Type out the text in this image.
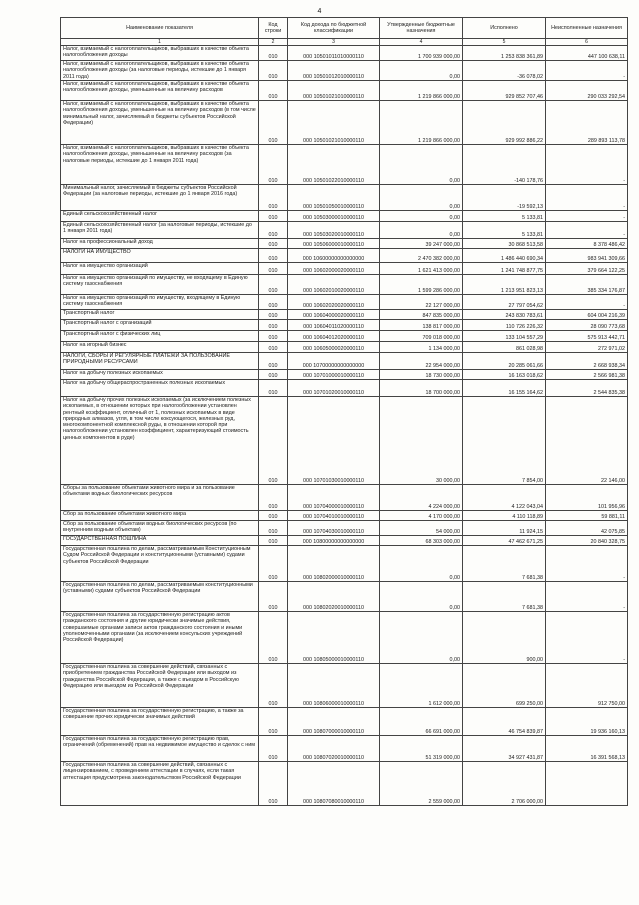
4
Наименование показателя	Код строки	Код дохода по бюджетной классификации	Утвержденные бюджетные назначения	Исполнено	Неисполненные назначения
1	2	3	4	5	6
Налог, взимаемый с налогоплательщиков, выбравших в качестве объекта налогообложения доходы	010	000 10501011010000110	1 700 939 000,00	1 253 838 361,89	447 100 638,11
Налог, взимаемый с налогоплательщиков, выбравших в качестве объекта налогообложения доходы (за налоговые периоды, истекшие до 1 января 2011 года)	010	000 10501012010000110	0,00	-36 078,02	-
Налог, взимаемый с налогоплательщиков, выбравших в качестве объекта налогообложения доходы, уменьшенные на величину расходов	010	000 10501021010000110	1 219 866 000,00	929 852 707,46	290 033 292,54
Налог, взимаемый с налогоплательщиков, выбравших в качестве объекта налогообложения доходы, уменьшенные на величину расходов (в том числе минимальный налог, зачисляемый в бюджеты субъектов Российской Федерации)	010	000 10501021010000110	1 219 866 000,00	929 992 886,22	289 893 113,78
Налог, взимаемый с налогоплательщиков, выбравших в качестве объекта налогообложения доходы, уменьшенные на величину расходов (за налоговые периоды, истекшие до 1 января 2011 года)	010	000 10501022010000110	0,00	-140 178,76	-
Минимальный налог, зачисляемый в бюджеты субъектов Российской Федерации (за налоговые периоды, истекшие до 1 января 2016 года)	010	000 10501050010000110	0,00	-19 592,13	-
Единый сельскохозяйственный налог	010	000 10503000010000110	0,00	5 133,81	-
Единый сельскохозяйственный налог (за налоговые периоды, истекшие до 1 января 2011 года)	010	000 10503020010000110	0,00	5 133,81	-
Налог на профессиональный доход	010	000 10506000010000110	39 247 000,00	30 868 513,58	8 378 486,42
НАЛОГИ НА ИМУЩЕСТВО	010	000 10600000000000000	2 470 382 000,00	1 486 440 690,34	983 941 309,66
Налог на имущество организаций	010	000 10602000020000110	1 621 413 000,00	1 241 748 877,75	379 664 122,25
Налог на имущество организаций по имуществу, не входящему в Единую систему газоснабжения	010	000 10602010020000110	1 599 286 000,00	1 213 951 823,13	385 334 176,87
Налог на имущество организаций по имуществу, входящему в Единую систему газоснабжения	010	000 10602020020000110	22 127 000,00	27 797 054,62	-
Транспортный налог	010	000 10604000020000110	847 835 000,00	243 830 783,61	604 004 216,39
Транспортный налог с организаций	010	000 10604011020000110	138 817 000,00	110 726 226,32	28 090 773,68
Транспортный налог с физических лиц	010	000 10604012020000110	709 018 000,00	133 104 557,29	575 913 442,71
Налог на игорный бизнес	010	000 10605000020000110	1 134 000,00	861 028,98	272 971,02
НАЛОГИ, СБОРЫ И РЕГУЛЯРНЫЕ ПЛАТЕЖИ ЗА ПОЛЬЗОВАНИЕ ПРИРОДНЫМИ РЕСУРСАМИ	010	000 10700000000000000	22 954 000,00	20 285 061,66	2 668 938,34
Налог на добычу полезных ископаемых	010	000 10701000010000110	18 730 000,00	16 163 018,62	2 566 981,38
Налог на добычу общераспространенных полезных ископаемых	010	000 10701020010000110	18 700 000,00	16 155 164,62	2 544 835,38
Налог на добычу прочих полезных ископаемых (за исключением полезных ископаемых, в отношении которых при налогообложении установлен рентный коэффициент, отличный от 1, полезных ископаемых в виде природных алмазов, угля, в том числе коксующегося, железных руд, многокомпонентной комплексной руды, в отношении которой при налогообложении установлен коэффициент, характеризующий стоимость ценных компонентов в руде)	010	000 10701030010000110	30 000,00	7 854,00	22 146,00
Сборы за пользование объектами животного мира и за пользование объектами водных биологических ресурсов	010	000 10704000010000110	4 224 000,00	4 122 043,04	101 956,96
Сбор за пользование объектами животного мира	010	000 10704010010000110	4 170 000,00	4 110 118,89	59 881,11
Сбор за пользование объектами водных биологических ресурсов (по внутренним водным объектам)	010	000 10704030010000110	54 000,00	11 924,15	42 075,85
ГОСУДАРСТВЕННАЯ ПОШЛИНА	010	000 10800000000000000	68 303 000,00	47 462 671,25	20 840 328,75
Государственная пошлина по делам, рассматриваемым Конституционным Судом Российской Федерации и конституционными (уставными) судами субъектов Российской Федерации	010	000 10802000010000110	0,00	7 681,38	-
Государственная пошлина по делам, рассматриваемым конституционными (уставными) судами субъектов Российской Федерации	010	000 10802020010000110	0,00	7 681,38	-
Государственная пошлина за государственную регистрацию актов гражданского состояния и другие юридически значимые действия, совершаемые органами записи актов гражданского состояния и иными уполномоченными органами (за исключением консульских учреждений Российской Федерации)	010	000 10805000010000110	0,00	900,00	-
Государственная пошлина за совершение действий, связанных с приобретением гражданства Российской Федерации или выходом из гражданства Российской Федерации, а также с въездом в Российскую Федерацию или выездом из Российской Федерации	010	000 10806000010000110	1 612 000,00	699 250,00	912 750,00
Государственная пошлина за государственную регистрацию, а также за совершение прочих юридически значимых действий	010	000 10807000010000110	66 691 000,00	46 754 839,87	19 936 160,13
Государственная пошлина за государственную регистрацию прав, ограничений (обременений) прав на недвижимое имущество и сделок с ним	010	000 10807020010000110	51 319 000,00	34 927 431,87	16 391 568,13
Государственная пошлина за совершение действий, связанных с лицензированием, с проведением аттестации в случаях, если такая аттестация предусмотрена законодательством Российской Федерации	010	000 10807080010000110	2 559 000,00	2 706 000,00	
